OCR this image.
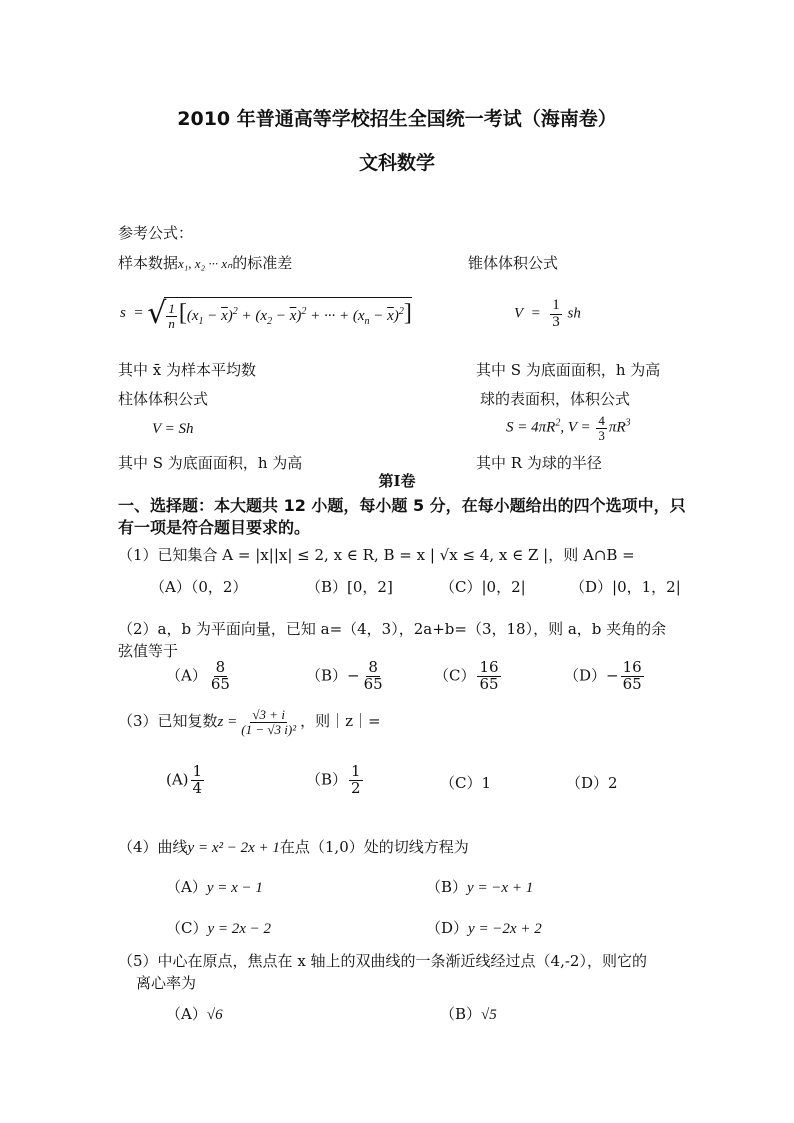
2010 年普通高等学校招生全国统一考试（海南卷）
文科数学
参考公式：
样本数据x₁, x₂ ··· xₙ的标准差	锥体体积公式
s  = √ $\frac{1}{n} [(x_1 - \overline{x})^2 + (x_2 - \overline{x})^2$ + ··· + $(x_n - \overline{x})^2$]	$V = \frac{1}{3}$ sh
其中 x̄ 为样本平均数	其中 S 为底面面积，h 为高
柱体体积公式	球的表面积，体积公式
V = Sh	$S = 4\pi R^2$, $V = \frac{4}{3} \pi R^3$
其中 S 为底面面积，h 为高	其中 R 为球的半径
第Ⅰ卷
一、选择题：本大题共 12 小题，每小题 5 分，在每小题给出的四个选项中，只
有一项是符合题目要求的。
（1）已知集合 A = |x||x| ≤ 2, x ∈ R, B = x | √x ≤ 4, x ∈ Z |，则 A∩B =
（A）（0，2）	（B）[0，2]	（C）|0，2|	（D）|0，1，2|
（2）a，b 为平面向量，已知 a=（4，3），2a+b=（3，18），则 a，b 夹角的余
弦值等于
$(A) \frac{8}{65}$	$(B)- \frac{8}{65}$	$(C) \frac{16}{65}$	$(D)- \frac{16}{65}$
（3）已知复数$z = \frac{√3 + i}{\text{(1 − √3 i)²}}$ ，则｜z｜=
$(A) \frac{1}{4}$	$(B) \frac{1}{2}$	（C）1	（D）2
（4）曲线y = x² − 2x + 1在点（1,0）处的切线方程为
（A）y = x − 1	（B）y = −x + 1
（C）y = 2x − 2	（D）y = −2x + 2
（5）中心在原点，焦点在 x 轴上的双曲线的一条渐近线经过点（4,-2），则它的
离心率为
（A）√6	（B）√5
